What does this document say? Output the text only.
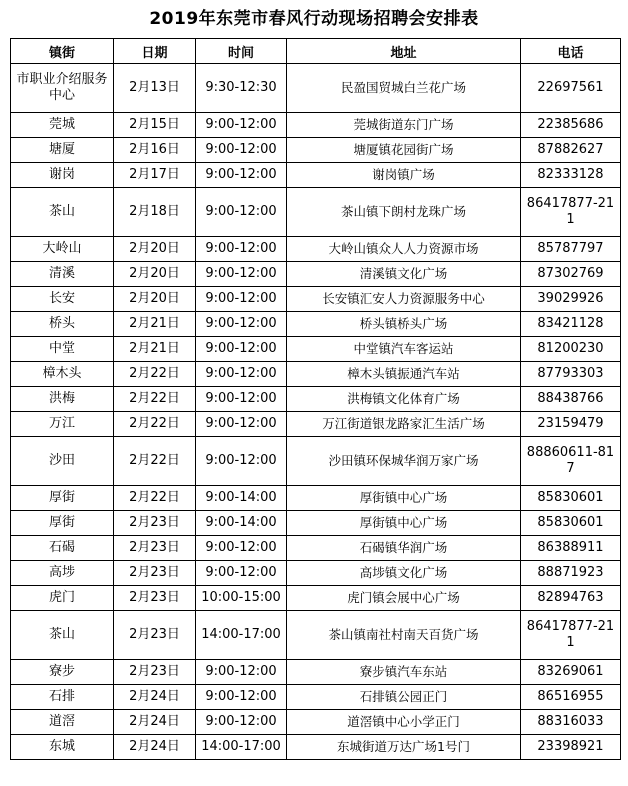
2019年东莞市春风行动现场招聘会安排表
镇街	日期	时间	地址	电话
市职业介绍服务中心	2月13日	9:30-12:30	民盈国贸城白兰花广场	22697561
莞城	2月15日	9:00-12:00	莞城街道东门广场	22385686
塘厦	2月16日	9:00-12:00	塘厦镇花园街广场	87882627
谢岗	2月17日	9:00-12:00	谢岗镇广场	82333128
茶山	2月18日	9:00-12:00	茶山镇下朗村龙珠广场	86417877-211
大岭山	2月20日	9:00-12:00	大岭山镇众人人力资源市场	85787797
清溪	2月20日	9:00-12:00	清溪镇文化广场	87302769
长安	2月20日	9:00-12:00	长安镇汇安人力资源服务中心	39029926
桥头	2月21日	9:00-12:00	桥头镇桥头广场	83421128
中堂	2月21日	9:00-12:00	中堂镇汽车客运站	81200230
樟木头	2月22日	9:00-12:00	樟木头镇振通汽车站	87793303
洪梅	2月22日	9:00-12:00	洪梅镇文化体育广场	88438766
万江	2月22日	9:00-12:00	万江街道银龙路家汇生活广场	23159479
沙田	2月22日	9:00-12:00	沙田镇环保城华润万家广场	88860611-817
厚街	2月22日	9:00-14:00	厚街镇中心广场	85830601
厚街	2月23日	9:00-14:00	厚街镇中心广场	85830601
石碣	2月23日	9:00-12:00	石碣镇华润广场	86388911
高埗	2月23日	9:00-12:00	高埗镇文化广场	88871923
虎门	2月23日	10:00-15:00	虎门镇会展中心广场	82894763
茶山	2月23日	14:00-17:00	茶山镇南社村南天百货广场	86417877-211
寮步	2月23日	9:00-12:00	寮步镇汽车东站	83269061
石排	2月24日	9:00-12:00	石排镇公园正门	86516955
道滘	2月24日	9:00-12:00	道滘镇中心小学正门	88316033
东城	2月24日	14:00-17:00	东城街道万达广场1号门	23398921
